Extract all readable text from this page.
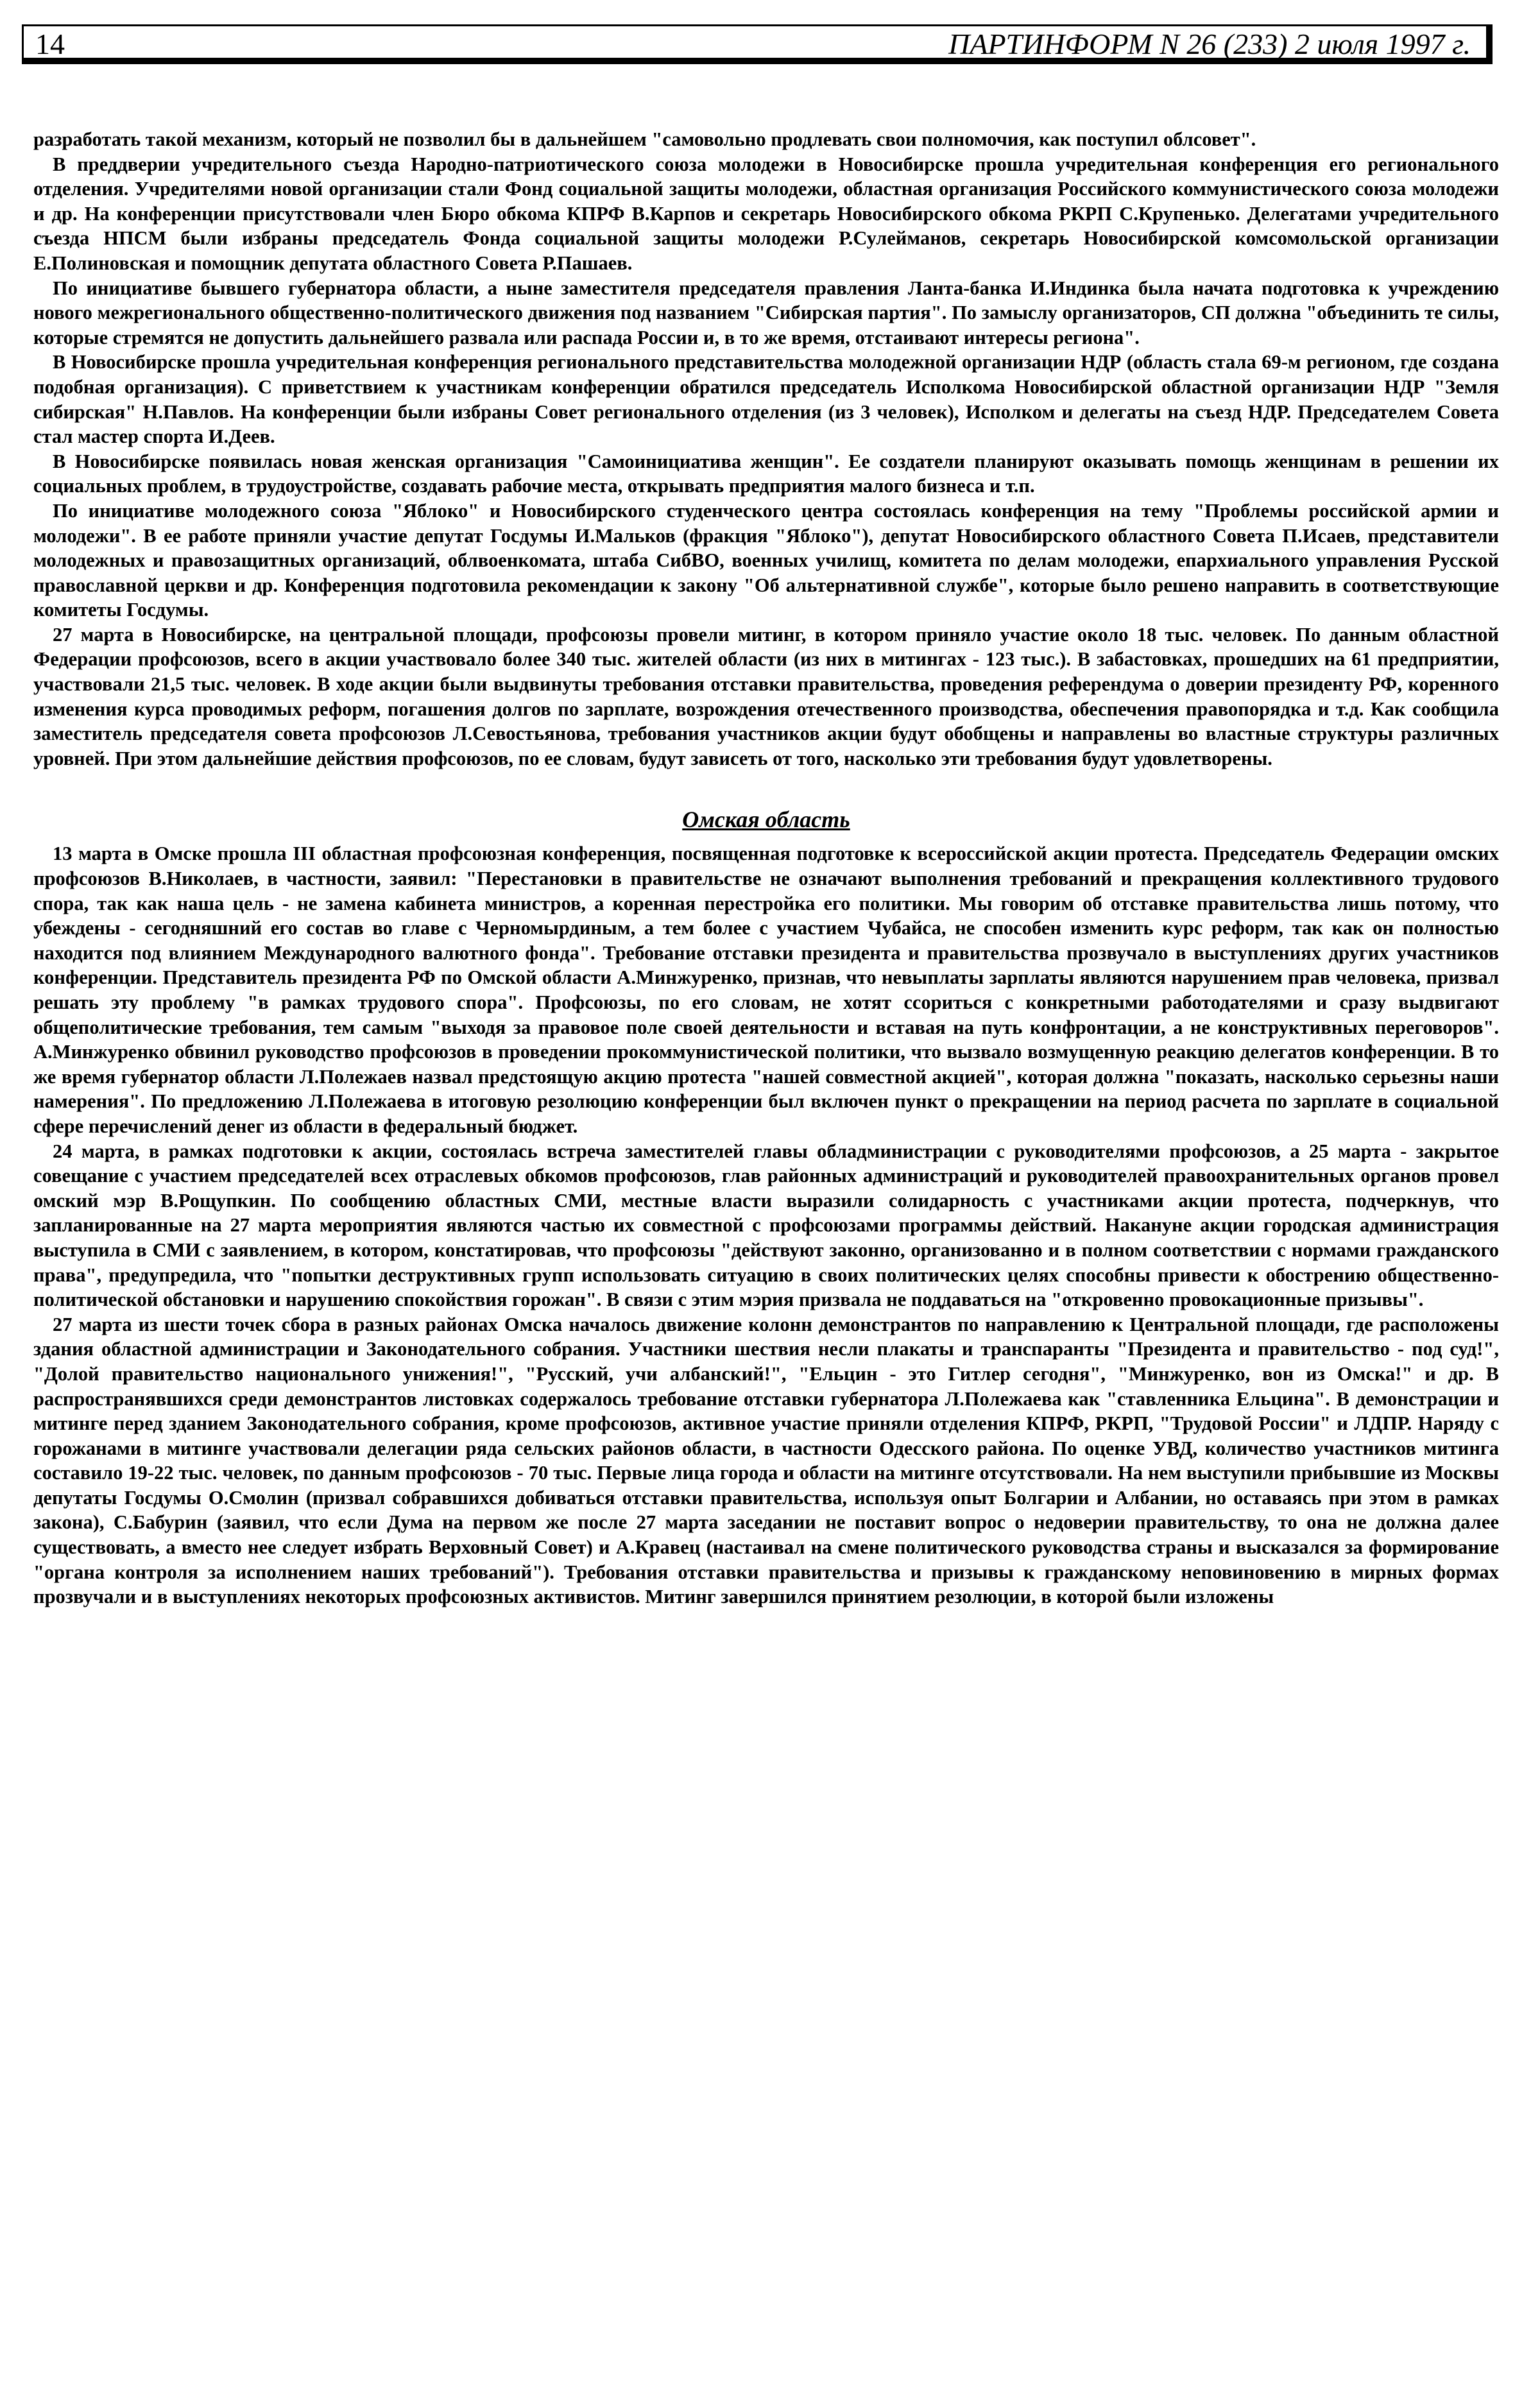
14	ПАРТИНФОРМ N 26 (233) 2 июля 1997 г.

разработать такой механизм, который не позволил бы в дальнейшем "самовольно продлевать свои полномочия, как поступил облсовет".

В преддверии учредительного съезда Народно-патриотического союза молодежи в Новосибирске прошла учредительная конференция его регионального отделения. Учредителями новой организации стали Фонд социальной защиты молодежи, областная организация Российского коммунистического союза молодежи и др. На конференции присутствовали член Бюро обкома КПРФ В.Карпов и секретарь Новосибирского обкома РКРП С.Крупенько. Делегатами учредительного съезда НПСМ были избраны председатель Фонда социальной защиты молодежи Р.Сулейманов, секретарь Новосибирской комсомольской организации Е.Полиновская и помощник депутата областного Совета Р.Пашаев.

По инициативе бывшего губернатора области, а ныне заместителя председателя правления Ланта-банка И.Индинка была начата подготовка к учреждению нового межрегионального общественно-политического движения под названием "Сибирская партия". По замыслу организаторов, СП должна "объединить те силы, которые стремятся не допустить дальнейшего развала или распада России и, в то же время, отстаивают интересы региона".

В Новосибирске прошла учредительная конференция регионального представительства молодежной организации НДР (область стала 69-м регионом, где создана подобная организация). С приветствием к участникам конференции обратился председатель Исполкома Новосибирской областной организации НДР "Земля сибирская" Н.Павлов. На конференции были избраны Совет регионального отделения (из 3 человек), Исполком и делегаты на съезд НДР. Председателем Совета стал мастер спорта И.Деев.

В Новосибирске появилась новая женская организация "Самоинициатива женщин". Ее создатели планируют оказывать помощь женщинам в решении их социальных проблем, в трудоустройстве, создавать рабочие места, открывать предприятия малого бизнеса и т.п.

По инициативе молодежного союза "Яблоко" и Новосибирского студенческого центра состоялась конференция на тему "Проблемы российской армии и молодежи". В ее работе приняли участие депутат Госдумы И.Мальков (фракция "Яблоко"), депутат Новосибирского областного Совета П.Исаев, представители молодежных и правозащитных организаций, облвоенкомата, штаба СибВО, военных училищ, комитета по делам молодежи, епархиального управления Русской православной церкви и др. Конференция подготовила рекомендации к закону "Об альтернативной службе", которые было решено направить в соответствующие комитеты Госдумы.

27 марта в Новосибирске, на центральной площади, профсоюзы провели митинг, в котором приняло участие около 18 тыс. человек. По данным областной Федерации профсоюзов, всего в акции участвовало более 340 тыс. жителей области (из них в митингах - 123 тыс.). В забастовках, прошедших на 61 предприятии, участвовали 21,5 тыс. человек. В ходе акции были выдвинуты требования отставки правительства, проведения референдума о доверии президенту РФ, коренного изменения курса проводимых реформ, погашения долгов по зарплате, возрождения отечественного производства, обеспечения правопорядка и т.д. Как сообщила заместитель председателя совета профсоюзов Л.Севостьянова, требования участников акции будут обобщены и направлены во властные структуры различных уровней. При этом дальнейшие действия профсоюзов, по ее словам, будут зависеть от того, насколько эти требования будут удовлетворены.

Омская область

13 марта в Омске прошла III областная профсоюзная конференция, посвященная подготовке к всероссийской акции протеста. Председатель Федерации омских профсоюзов В.Николаев, в частности, заявил: "Перестановки в правительстве не означают выполнения требований и прекращения коллективного трудового спора, так как наша цель - не замена кабинета министров, а коренная перестройка его политики. Мы говорим об отставке правительства лишь потому, что убеждены - сегодняшний его состав во главе с Черномырдиным, а тем более с участием Чубайса, не способен изменить курс реформ, так как он полностью находится под влиянием Международного валютного фонда". Требование отставки президента и правительства прозвучало в выступлениях других участников конференции. Представитель президента РФ по Омской области А.Минжуренко, признав, что невыплаты зарплаты являются нарушением прав человека, призвал решать эту проблему "в рамках трудового спора". Профсоюзы, по его словам, не хотят ссориться с конкретными работодателями и сразу выдвигают общеполитические требования, тем самым "выходя за правовое поле своей деятельности и вставая на путь конфронтации, а не конструктивных переговоров". А.Минжуренко обвинил руководство профсоюзов в проведении прокоммунистической политики, что вызвало возмущенную реакцию делегатов конференции. В то же время губернатор области Л.Полежаев назвал предстоящую акцию протеста "нашей совместной акцией", которая должна "показать, насколько серьезны наши намерения". По предложению Л.Полежаева в итоговую резолюцию конференции был включен пункт о прекращении на период расчета по зарплате в социальной сфере перечислений денег из области в федеральный бюджет.

24 марта, в рамках подготовки к акции, состоялась встреча заместителей главы обладминистрации с руководителями профсоюзов, а 25 марта - закрытое совещание с участием председателей всех отраслевых обкомов профсоюзов, глав районных администраций и руководителей правоохранительных органов провел омский мэр В.Рощупкин. По сообщению областных СМИ, местные власти выразили солидарность с участниками акции протеста, подчеркнув, что запланированные на 27 марта мероприятия являются частью их совместной с профсоюзами программы действий. Накануне акции городская администрация выступила в СМИ с заявлением, в котором, констатировав, что профсоюзы "действуют законно, организованно и в полном соответствии с нормами гражданского права", предупредила, что "попытки деструктивных групп использовать ситуацию в своих политических целях способны привести к обострению общественно-политической обстановки и нарушению спокойствия горожан". В связи с этим мэрия призвала не поддаваться на "откровенно провокационные призывы".

27 марта из шести точек сбора в разных районах Омска началось движение колонн демонстрантов по направлению к Центральной площади, где расположены здания областной администрации и Законодательного собрания. Участники шествия несли плакаты и транспаранты "Президента и правительство - под суд!", "Долой правительство национального унижения!", "Русский, учи албанский!", "Ельцин - это Гитлер сегодня", "Минжуренко, вон из Омска!" и др. В распространявшихся среди демонстрантов листовках содержалось требование отставки губернатора Л.Полежаева как "ставленника Ельцина". В демонстрации и митинге перед зданием Законодательного собрания, кроме профсоюзов, активное участие приняли отделения КПРФ, РКРП, "Трудовой России" и ЛДПР. Наряду с горожанами в митинге участвовали делегации ряда сельских районов области, в частности Одесского района. По оценке УВД, количество участников митинга составило 19-22 тыс. человек, по данным профсоюзов - 70 тыс. Первые лица города и области на митинге отсутствовали. На нем выступили прибывшие из Москвы депутаты Госдумы О.Смолин (призвал собравшихся добиваться отставки правительства, используя опыт Болгарии и Албании, но оставаясь при этом в рамках закона), С.Бабурин (заявил, что если Дума на первом же после 27 марта заседании не поставит вопрос о недоверии правительству, то она не должна далее существовать, а вместо нее следует избрать Верховный Совет) и А.Кравец (настаивал на смене политического руководства страны и высказался за формирование "органа контроля за исполнением наших требований"). Требования отставки правительства и призывы к гражданскому неповиновению в мирных формах прозвучали и в выступлениях некоторых профсоюзных активистов. Митинг завершился принятием резолюции, в которой были изложены
